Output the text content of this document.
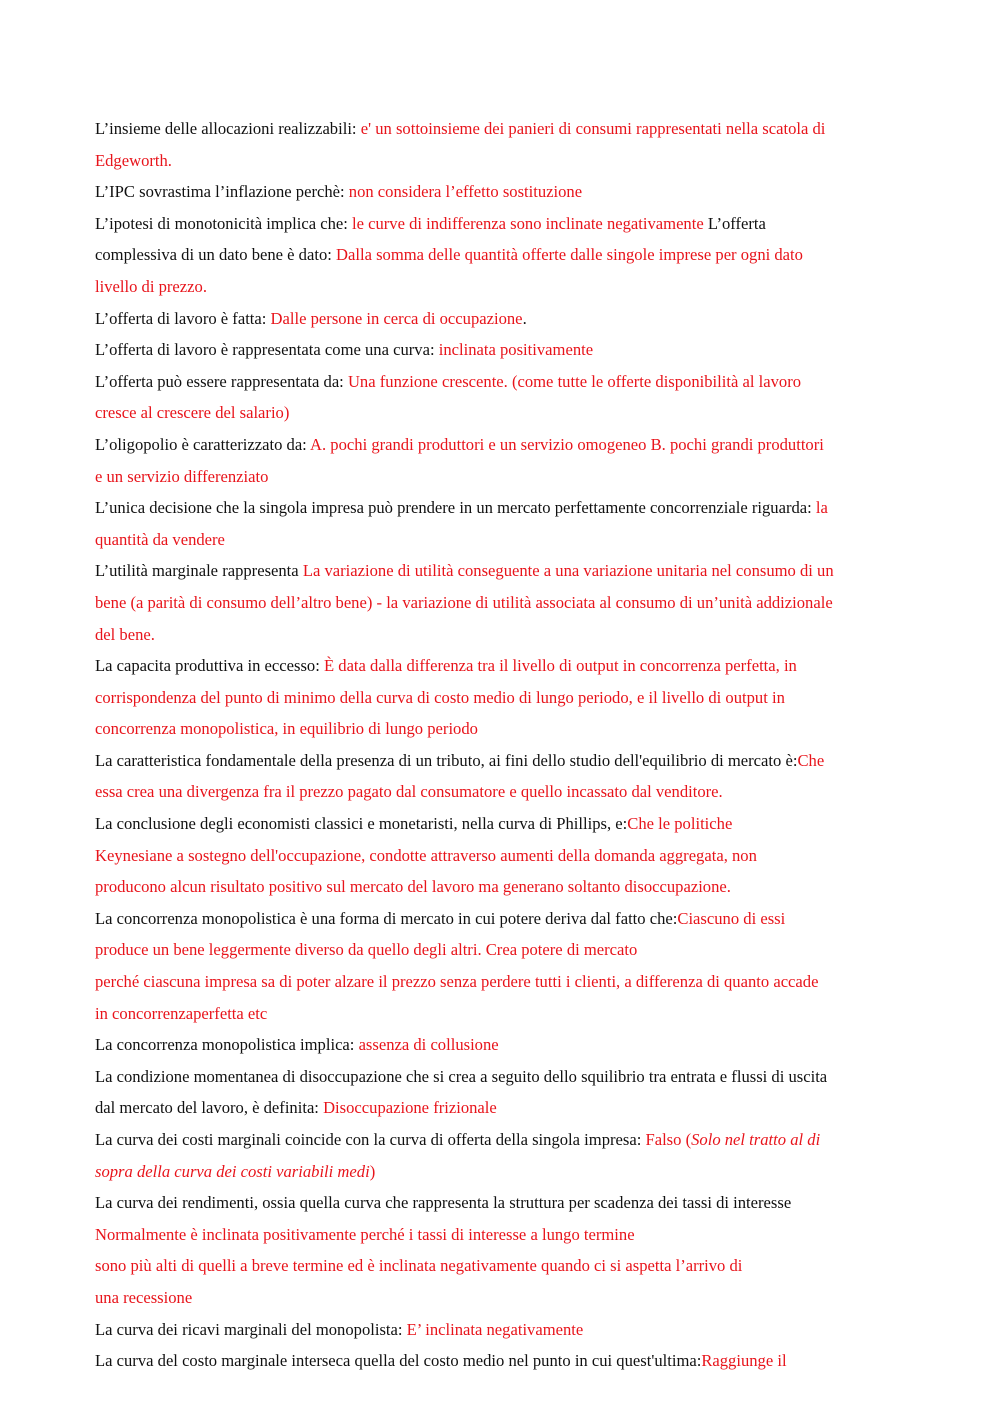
L’insieme delle allocazioni realizzabili: e' un sottoinsieme dei panieri di consumi rappresentati nella scatola di
Edgeworth.
L’IPC sovrastima l’inflazione perchè: non considera l’effetto sostituzione
L’ipotesi di monotonicità implica che: le curve di indifferenza sono inclinate negativamente L’offerta
complessiva di un dato bene è dato: Dalla somma delle quantità offerte dalle singole imprese per ogni dato
livello di prezzo.
L’offerta di lavoro è fatta: Dalle persone in cerca di occupazione.
L’offerta di lavoro è rappresentata come una curva: inclinata positivamente
L’offerta può essere rappresentata da: Una funzione crescente. (come tutte le offerte disponibilità al lavoro
cresce al crescere del salario)
L’oligopolio è caratterizzato da: A. pochi grandi produttori e un servizio omogeneo B. pochi grandi produttori
e un servizio differenziato
L’unica decisione che la singola impresa può prendere in un mercato perfettamente concorrenziale riguarda: la
quantità da vendere
L’utilità marginale rappresenta La variazione di utilità conseguente a una variazione unitaria nel consumo di un
bene (a parità di consumo dell’altro bene) - la variazione di utilità associata al consumo di un’unità addizionale
del bene.
La capacita produttiva in eccesso: È data dalla differenza tra il livello di output in concorrenza perfetta, in
corrispondenza del punto di minimo della curva di costo medio di lungo periodo, e il livello di output in
concorrenza monopolistica, in equilibrio di lungo periodo
La caratteristica fondamentale della presenza di un tributo, ai fini dello studio dell'equilibrio di mercato è:Che
essa crea una divergenza fra il prezzo pagato dal consumatore e quello incassato dal venditore.
La conclusione degli economisti classici e monetaristi, nella curva di Phillips, e:Che le politiche
Keynesiane a sostegno dell'occupazione, condotte attraverso aumenti della domanda aggregata, non
producono alcun risultato positivo sul mercato del lavoro ma generano soltanto disoccupazione.
La concorrenza monopolistica è una forma di mercato in cui potere deriva dal fatto che:Ciascuno di essi
produce un bene leggermente diverso da quello degli altri. Crea potere di mercato
perché ciascuna impresa sa di poter alzare il prezzo senza perdere tutti i clienti, a differenza di quanto accade
in concorrenzaperfetta etc
La concorrenza monopolistica implica: assenza di collusione
La condizione momentanea di disoccupazione che si crea a seguito dello squilibrio tra entrata e flussi di uscita
dal mercato del lavoro, è definita: Disoccupazione frizionale
La curva dei costi marginali coincide con la curva di offerta della singola impresa: Falso (Solo nel tratto al di
sopra della curva dei costi variabili medi)
La curva dei rendimenti, ossia quella curva che rappresenta la struttura per scadenza dei tassi di interesse
Normalmente è inclinata positivamente perché i tassi di interesse a lungo termine
sono più alti di quelli a breve termine ed è inclinata negativamente quando ci si aspetta l’arrivo di
una recessione
La curva dei ricavi marginali del monopolista: E’ inclinata negativamente
La curva del costo marginale interseca quella del costo medio nel punto in cui quest'ultima:Raggiunge il
